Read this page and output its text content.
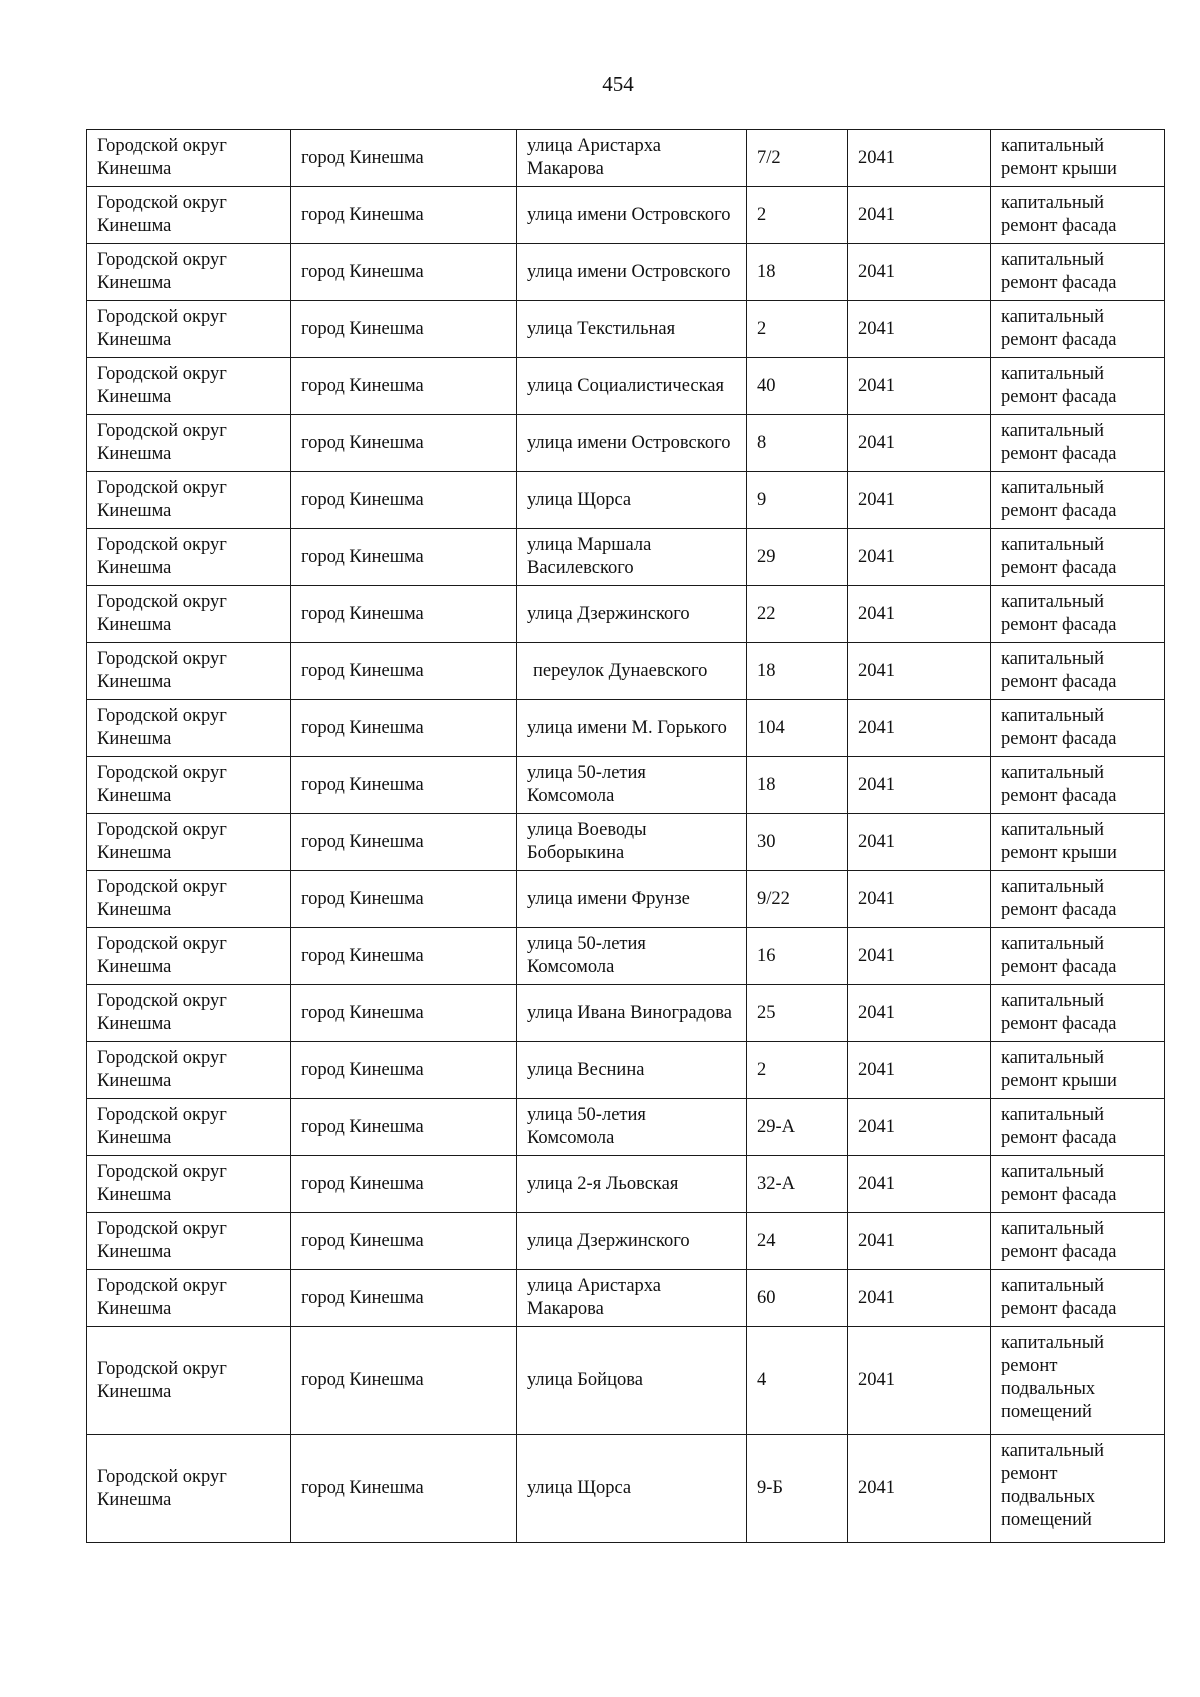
454
Городской округ Кинешма	город Кинешма	улица Аристарха Макарова	7/2	2041	капитальный ремонт крыши
Городской округ Кинешма	город Кинешма	улица имени Островского	2	2041	капитальный ремонт фасада
Городской округ Кинешма	город Кинешма	улица имени Островского	18	2041	капитальный ремонт фасада
Городской округ Кинешма	город Кинешма	улица Текстильная	2	2041	капитальный ремонт фасада
Городской округ Кинешма	город Кинешма	улица Социалистическая	40	2041	капитальный ремонт фасада
Городской округ Кинешма	город Кинешма	улица имени Островского	8	2041	капитальный ремонт фасада
Городской округ Кинешма	город Кинешма	улица Щорса	9	2041	капитальный ремонт фасада
Городской округ Кинешма	город Кинешма	улица Маршала Василевского	29	2041	капитальный ремонт фасада
Городской округ Кинешма	город Кинешма	улица Дзержинского	22	2041	капитальный ремонт фасада
Городской округ Кинешма	город Кинешма	переулок Дунаевского	18	2041	капитальный ремонт фасада
Городской округ Кинешма	город Кинешма	улица имени М. Горького	104	2041	капитальный ремонт фасада
Городской округ Кинешма	город Кинешма	улица 50-летия Комсомола	18	2041	капитальный ремонт фасада
Городской округ Кинешма	город Кинешма	улица Воеводы Боборыкина	30	2041	капитальный ремонт крыши
Городской округ Кинешма	город Кинешма	улица имени Фрунзе	9/22	2041	капитальный ремонт фасада
Городской округ Кинешма	город Кинешма	улица 50-летия Комсомола	16	2041	капитальный ремонт фасада
Городской округ Кинешма	город Кинешма	улица Ивана Виноградова	25	2041	капитальный ремонт фасада
Городской округ Кинешма	город Кинешма	улица Веснина	2	2041	капитальный ремонт крыши
Городской округ Кинешма	город Кинешма	улица 50-летия Комсомола	29-А	2041	капитальный ремонт фасада
Городской округ Кинешма	город Кинешма	улица 2-я Льовская	32-А	2041	капитальный ремонт фасада
Городской округ Кинешма	город Кинешма	улица Дзержинского	24	2041	капитальный ремонт фасада
Городской округ Кинешма	город Кинешма	улица Аристарха Макарова	60	2041	капитальный ремонт фасада
Городской округ Кинешма	город Кинешма	улица Бойцова	4	2041	капитальный ремонт подвальных помещений
Городской округ Кинешма	город Кинешма	улица Щорса	9-Б	2041	капитальный ремонт подвальных помещений
